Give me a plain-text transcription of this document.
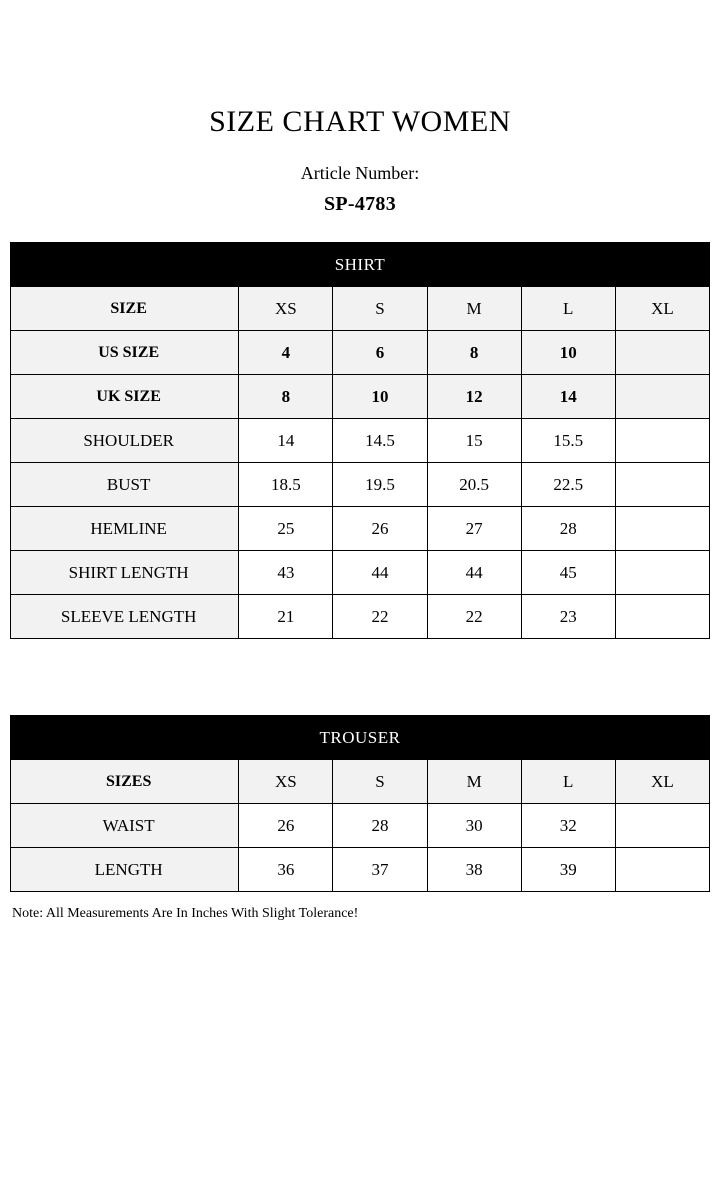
SIZE CHART WOMEN
Article Number:
SP-4783
SHIRT					
SIZE	XS	S	M	L	XL
US SIZE	4	6	8	10	
UK SIZE	8	10	12	14	
SHOULDER	14	14.5	15	15.5	
BUST	18.5	19.5	20.5	22.5	
HEMLINE	25	26	27	28	
SHIRT LENGTH	43	44	44	45	
SLEEVE LENGTH	21	22	22	23	
TROUSER					
SIZES	XS	S	M	L	XL
WAIST	26	28	30	32	
LENGTH	36	37	38	39	
Note: All Measurements Are In Inches With Slight Tolerance!
